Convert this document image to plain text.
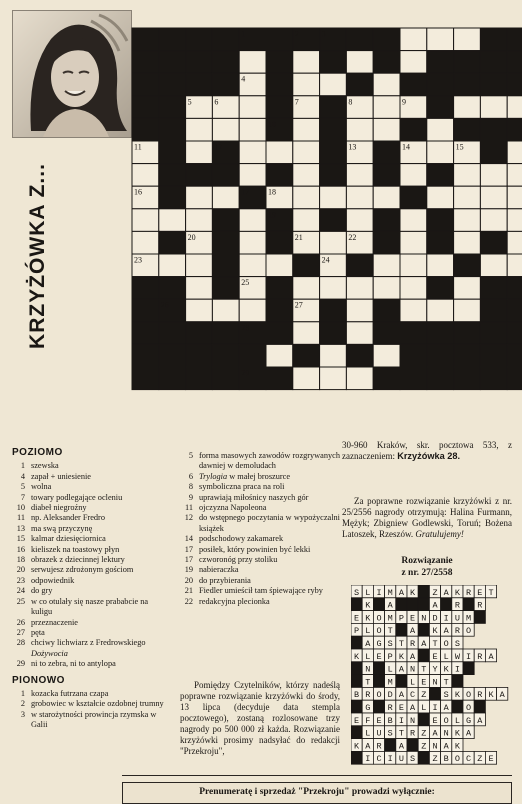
KRZYŻÓWKA Z...
1	2	3
4
5	6	7	8	9
10
11	12	13	14	15
16	17 18
19
20	21	22
23	24
25
26	27
28
29
POZIOMO
1 szewska
4 zapał + uniesienie
5 wolna
7 towary podlegające ocleniu
10 diabeł niegroźny
11 np. Aleksander Fredro
13 ma swą przyczynę
15 kalmar dziesięciornica
16 kieliszek na toastowy płyn
18 obrazek z dziecinnej lektury
20 serwujesz zdrożonym gościom
23 odpowiednik
24 do gry
25 w co otulały się nasze prababcie na kuligu
26 przeznaczenie
27 pęta
28 chciwy lichwiarz z Fredrowskiego Dożywocia
29 ni to zebra, ni to antylopa
PIONOWO
1 kozacka futrzana czapa
2 grobowiec w kształcie ozdobnej trumny
3 w starożytności prowincja rzymska w Galii
5 forma masowych zawodów rozgrywanych dawniej w demoludach
6 Trylogia w małej broszurce
8 symboliczna praca na roli
9 uprawiają miłośnicy naszych gór
11 ojczyzna Napoleona
12 do wstępnego poczytania w wypożyczalni książek
14 podschodowy zakamarek
17 posiłek, który powinien być lekki
17 czworonóg przy stoliku
19 nabieraczka
20 do przybierania
21 Fiedler umieścił tam śpiewające ryby
22 redakcyjna plecionka
Pomiędzy Czytelników, którzy nadeślą poprawne rozwiązanie krzyżówki do środy, 13 lipca (decyduje data stempla pocztowego), zostaną rozlosowane trzy nagrody po 500 000 zł każda. Rozwiązanie krzyżówki prosimy nadsyłać do redakcji "Przekroju",
30-960 Kraków, skr. pocztowa 533, z zaznaczeniem: Krzyżówka 28.
Za poprawne rozwiązanie krzyżówki z nr. 25/2556 nagrody otrzymują: Halina Furmann, Mężyk; Zbigniew Godlewski, Toruń; Bożena Latoszek, Rzeszów. Gratulujemy!
Rozwiązanie
z nr. 27/2558
S L I M A K Z A K R E T
K A	A R R
E K O M P E N D I U M
P L O T A K A R O
A G S T R A T O S
K L E P K A E L W I R A
N L A N T Y K I
T M L E N T
B R O D A C Z S K O R K A
G R E A L I A O
E F E B I N E O L G A
L U S T R Z A N K A
K A R A Z N A K
I C I U S Z B O C Z E
Prenumeratę i sprzedaż "Przekroju" prowadzi wyłącznie:
